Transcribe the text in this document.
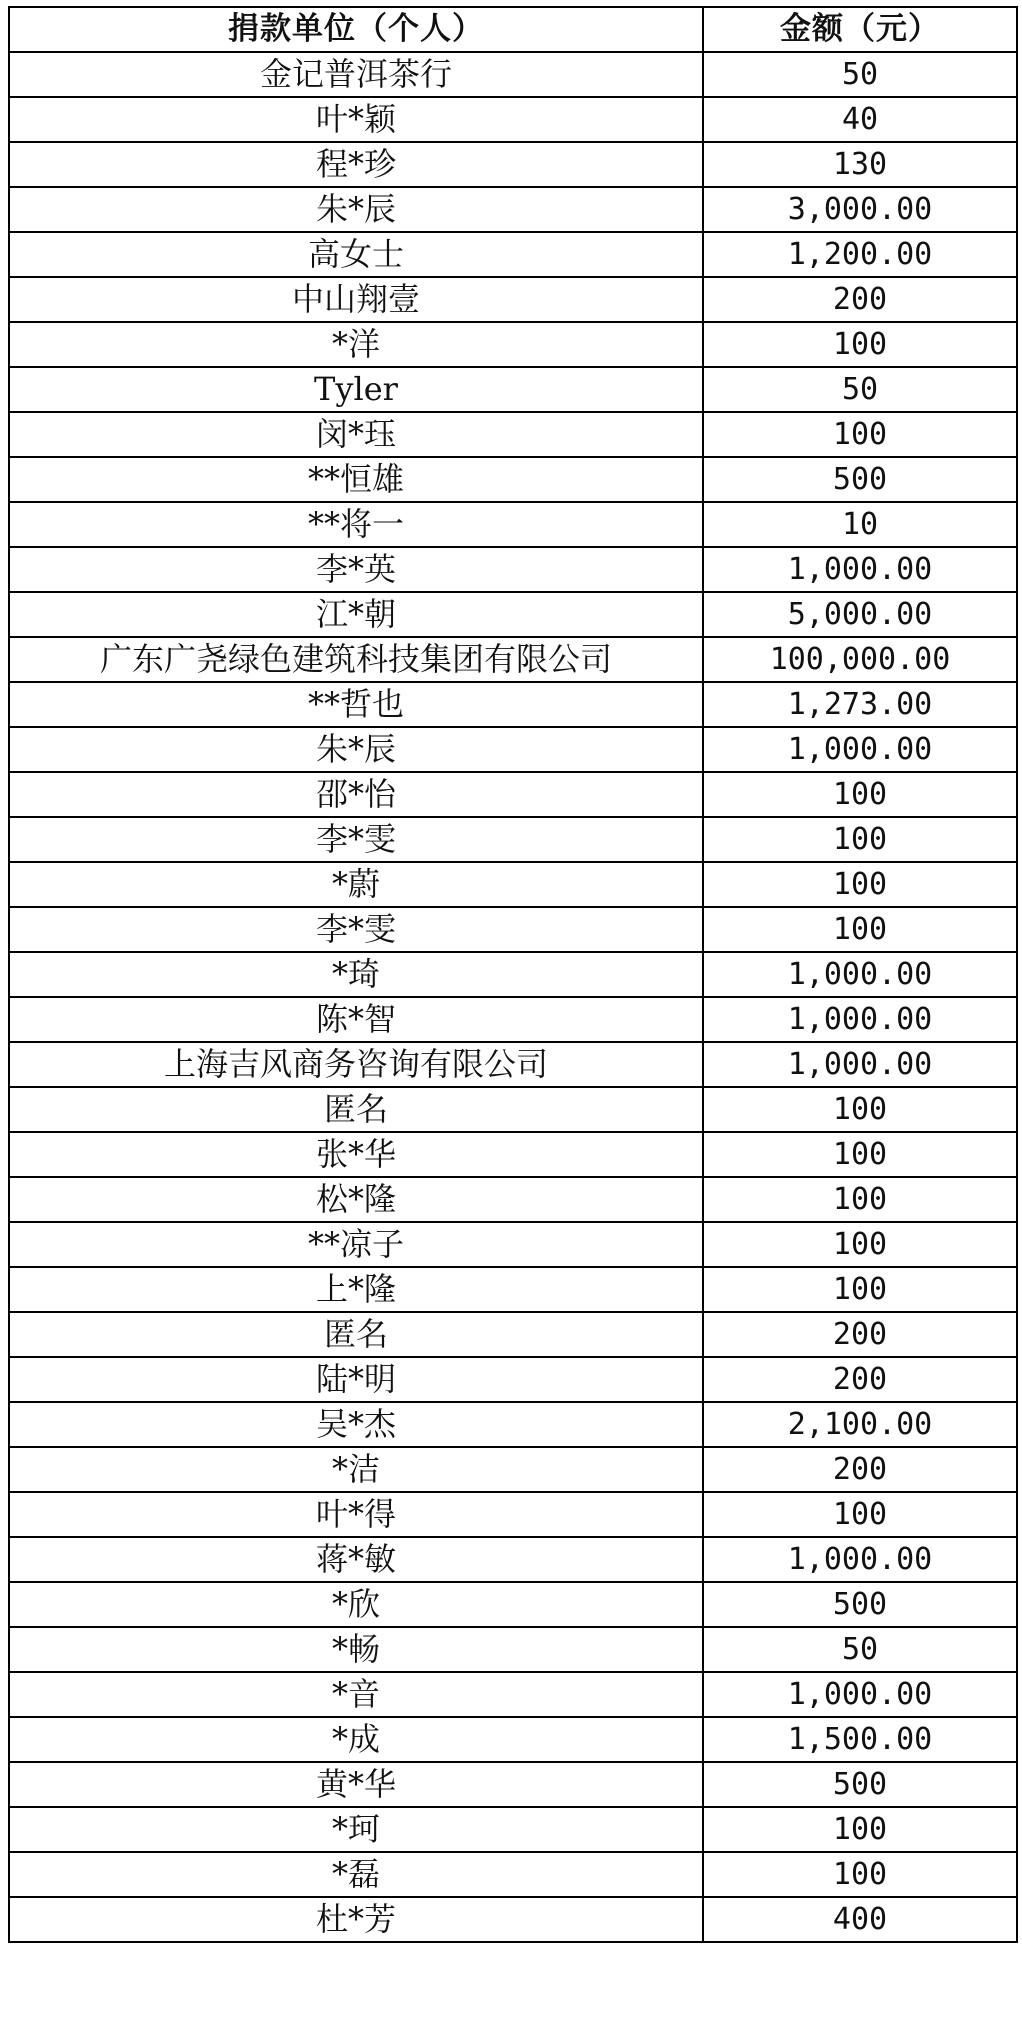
捐款单位（个人）	金额（元）
金记普洱茶行	50
叶*颖	40
程*珍	130
朱*辰	3,000.00
高女士	1,200.00
中山翔壹	200
*洋	100
Tyler	50
闵*珏	100
**恒雄	500
**将一	10
李*英	1,000.00
江*朝	5,000.00
广东广尧绿色建筑科技集团有限公司	100,000.00
**哲也	1,273.00
朱*辰	1,000.00
邵*怡	100
李*雯	100
*蔚	100
李*雯	100
*琦	1,000.00
陈*智	1,000.00
上海吉风商务咨询有限公司	1,000.00
匿名	100
张*华	100
松*隆	100
**凉子	100
上*隆	100
匿名	200
陆*明	200
吴*杰	2,100.00
*洁	200
叶*得	100
蒋*敏	1,000.00
*欣	500
*畅	50
*音	1,000.00
*成	1,500.00
黄*华	500
*珂	100
*磊	100
杜*芳	400
